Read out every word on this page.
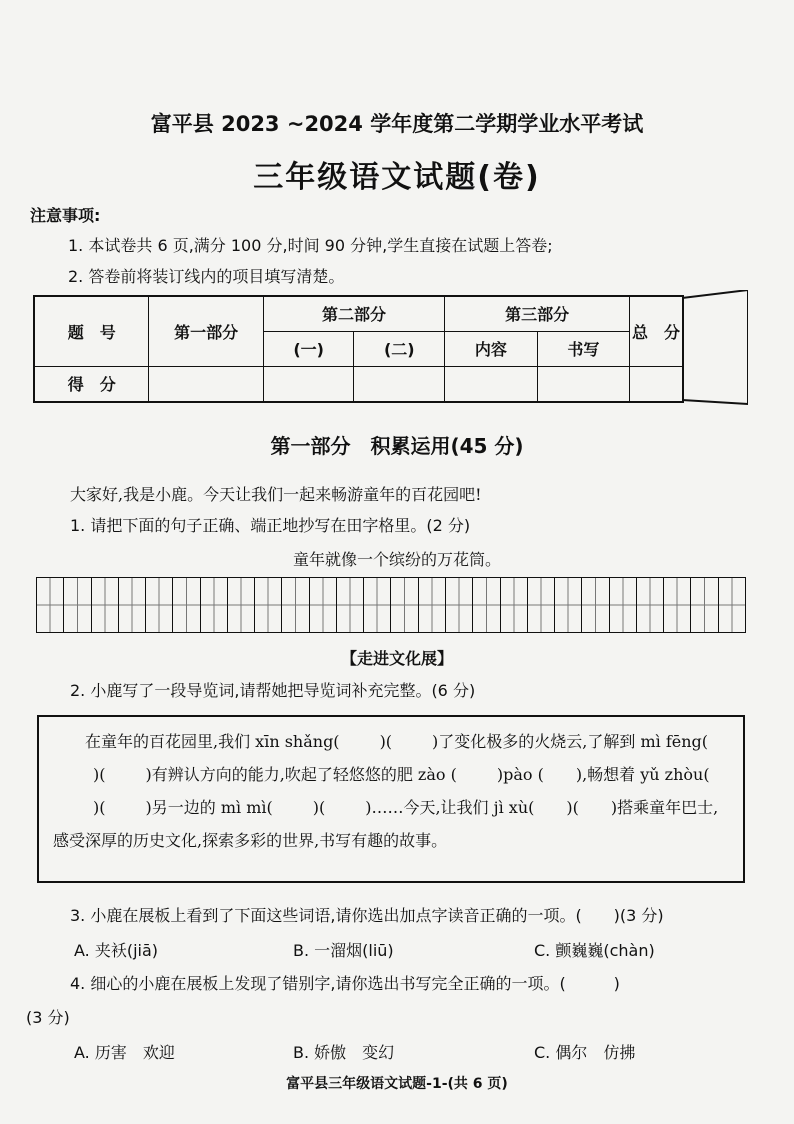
富平县 2023 ~2024 学年度第二学期学业水平考试
三年级语文试题(卷)
注意事项:
1. 本试卷共 6 页,满分 100 分,时间 90 分钟,学生直接在试题上答卷;
2. 答卷前将装订线内的项目填写清楚。
题　号	第一部分	第二部分		第三部分		总　分
		(一)	(二)	内容	书写	
得　分						
第一部分　积累运用(45 分)
大家好,我是小鹿。今天让我们一起来畅游童年的百花园吧!
1. 请把下面的句子正确、端正地抄写在田字格里。(2 分)
童年就像一个缤纷的万花筒。
【走进文化展】
2. 小鹿写了一段导览词,请帮她把导览词补充完整。(6 分)

在童年的百花园里,我们 xīn shǎng(	)(	)了变化极多的火烧云,了解到 mì fēng()(	)有辨认方向的能力,吹起了轻悠悠的肥 zào (	)pào ( ),畅想着 yǔ zhòu()(	)另一边的 mì mì(	)(	)……今天,让我们 jì xù( )( )搭乘童年巴士,感受深厚的历史文化,探索多彩的世界,书写有趣的故事。

3. 小鹿在展板上看到了下面这些词语,请你选出加点字读音正确的一项。(　　)(3 分)
A. 夹袄(jiā)	B. 一溜烟(liū)	C. 颤巍巍(chàn)
4. 细心的小鹿在展板上发现了错别字,请你选出书写完全正确的一项。(　　　)
(3 分)
A. 历害　欢迎	B. 娇傲　变幻	C. 偶尔　仿拂
富平县三年级语文试题-1-(共 6 页)
